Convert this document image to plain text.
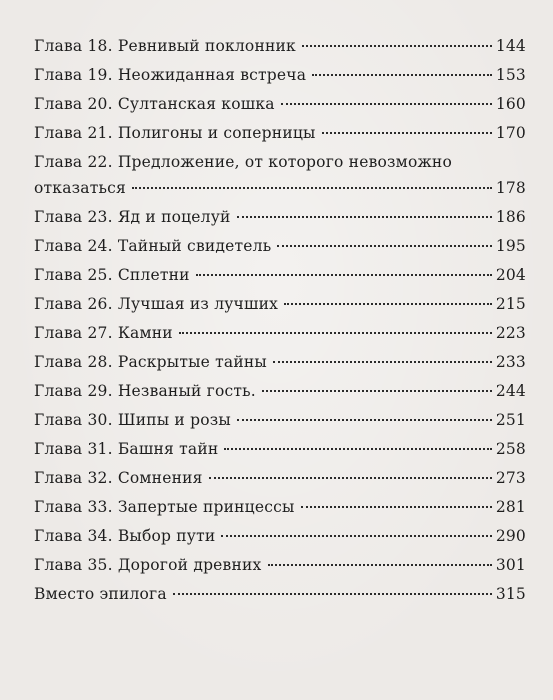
Глава 18. Ревнивый поклонник	144
Глава 19. Неожиданная встреча	153
Глава 20. Султанская кошка	160
Глава 21. Полигоны и соперницы	170
Глава 22. Предложение, от которого невозможно
отказаться	178
Глава 23. Яд и поцелуй	186
Глава 24. Тайный свидетель	195
Глава 25. Сплетни	204
Глава 26. Лучшая из лучших	215
Глава 27. Камни	223
Глава 28. Раскрытые тайны	233
Глава 29. Незваный гость.	244
Глава 30. Шипы и розы	251
Глава 31. Башня тайн	258
Глава 32. Сомнения	273
Глава 33. Запертые принцессы	281
Глава 34. Выбор пути	290
Глава 35. Дорогой древних	301
Вместо эпилога	315
